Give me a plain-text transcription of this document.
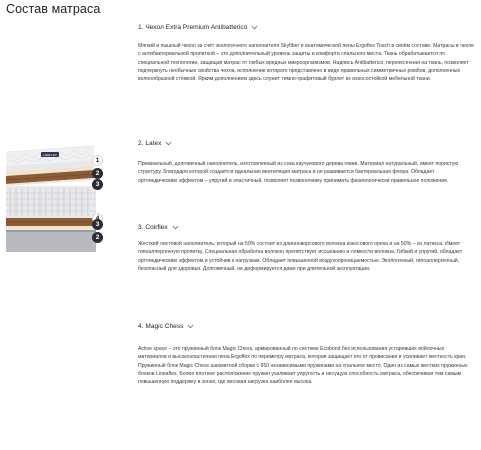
Состав матраса
LIFEFLEX
1
2
3
3
2
1. Чехол Extra Premium Antibatterico

Мягкий и пышный чехол за счёт экологичного наполнителя Skyfiber и анатомической пены Ergoflex Touch в своём составе. Матрасы в чехле с антибактериальной пропиткой – это дополнительный уровень защиты и комфорта спального места. Ткань обрабатывается по специальной технологии, защищая матрас от любых вредных микроорганизмов. Надпись Antibatterico, перенесенная на ткань, позволяет подчеркнуть необычные свойства чехла, исполнение которого представлено в виде правильных симметричных ромбов, дополненных волнообразной стёжкой. Ярким дополнением здесь служит темно-графитовый бурлет из износостойкой мебельной ткани.

2. Latex

Премиальный, долговечный наполнитель, изготовленный из сока каучукового дерева гевеи. Материал натуральный, имеет пористую структуру, благодаря которой создаётся идеальная вентиляция матраса и не развивается бактериальная флора. Обладает ортопедическим эффектом – упругий и эластичный, позволяет позвоночнику принимать физиологически правильное положение.

3. Coirflex

Жесткий листовой наполнитель, который на 50% состоит из длинноворсового волокна кокосового ореха и на 50% – из латекса. Имеет гипоаллергенную пропитку. Специальная обработка волокон препятствует иссыханию и ломкости волокна. Гибкий и упругий, обладает ортопедическим эффектом и устойчив к нагрузкам. Обладает повышенной воздухопроницаемостью. Экологичный, гипоаллергенный, безопасный для здоровья. Долговечный, не деформируется даже при длительной эксплуатации.

4. Magic Chess

Active space – это пружинный блок Magic Chess, армированный по системе Ecobond без использования устаревших войлочных материалов и высокоэластичная пена Ergoflex по периметру матраса, которая защищает его от провисания и усиливает жесткость края. Пружинный блок Magic Chess шахматной сборки с 650 независимыми пружинами на спальное место. Один из самых жестких пружинных блоков Lineaflex. Более плотное расположение пружин усиливает упругость и несущую способность матраса, обеспечивая тем самым повышенную поддержку в зонах, где весовая нагрузка наиболее высока.
